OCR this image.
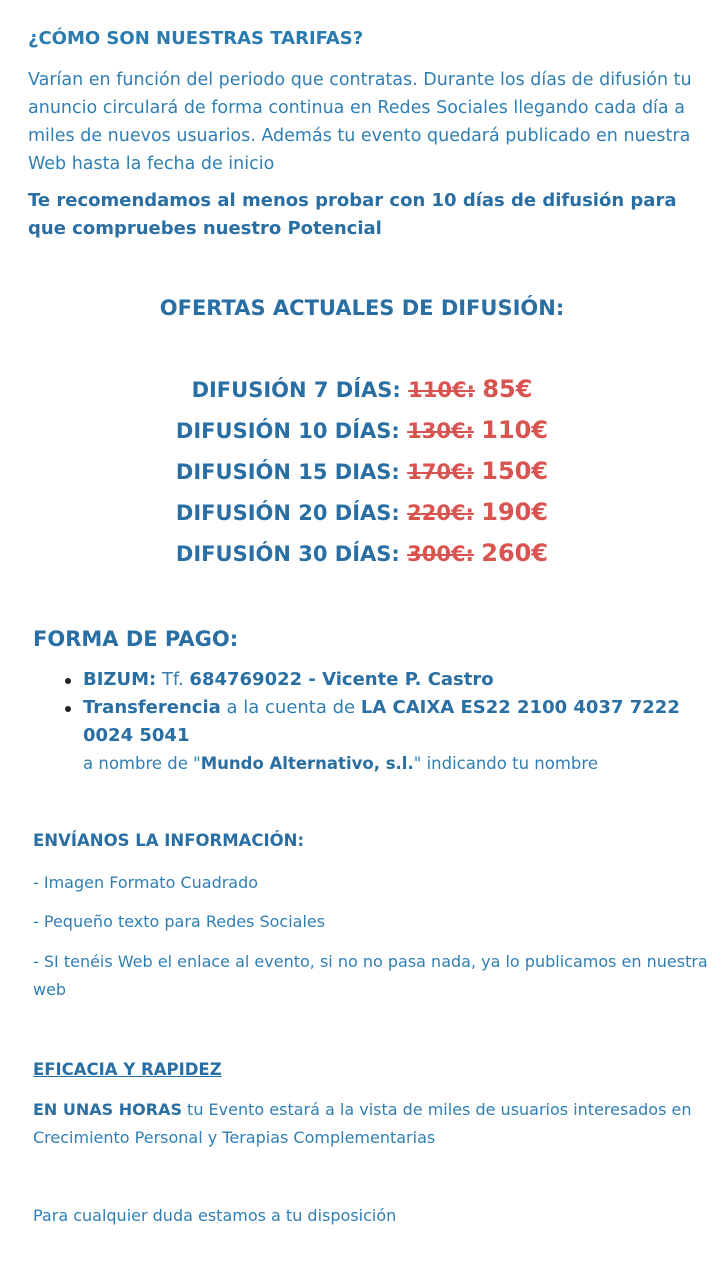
¿CÓMO SON NUESTRAS TARIFAS?
Varían en función del periodo que contratas. Durante los días de difusión tu anuncio circulará de forma continua en Redes Sociales llegando cada día a miles de nuevos usuarios. Además tu evento quedará publicado en nuestra Web hasta la fecha de inicio
Te recomendamos al menos probar con 10 días de difusión para que compruebes nuestro Potencial
OFERTAS ACTUALES DE DIFUSIÓN:
DIFUSIÓN 7 DÍAS: 110€: 85€
DIFUSIÓN 10 DÍAS: 130€: 110€
DIFUSIÓN 15 DIAS: 170€: 150€
DIFUSIÓN 20 DÍAS: 220€: 190€
DIFUSIÓN 30 DÍAS: 300€: 260€
FORMA DE PAGO:
BIZUM: Tf. 684769022 - Vicente P. Castro
Transferencia a la cuenta de LA CAIXA ES22 2100 4037 7222 0024 5041
a nombre de "Mundo Alternativo, s.l." indicando tu nombre
ENVÍANOS LA INFORMACIÓN:
- Imagen Formato Cuadrado
- Pequeño texto para Redes Sociales
- SI tenéis Web el enlace al evento, si no no pasa nada, ya lo publicamos en nuestra web
EFICACIA Y RAPIDEZ
EN UNAS HORAS tu Evento estará a la vista de miles de usuarios interesados en Crecimiento Personal y Terapias Complementarias
Para cualquier duda estamos a tu disposición
